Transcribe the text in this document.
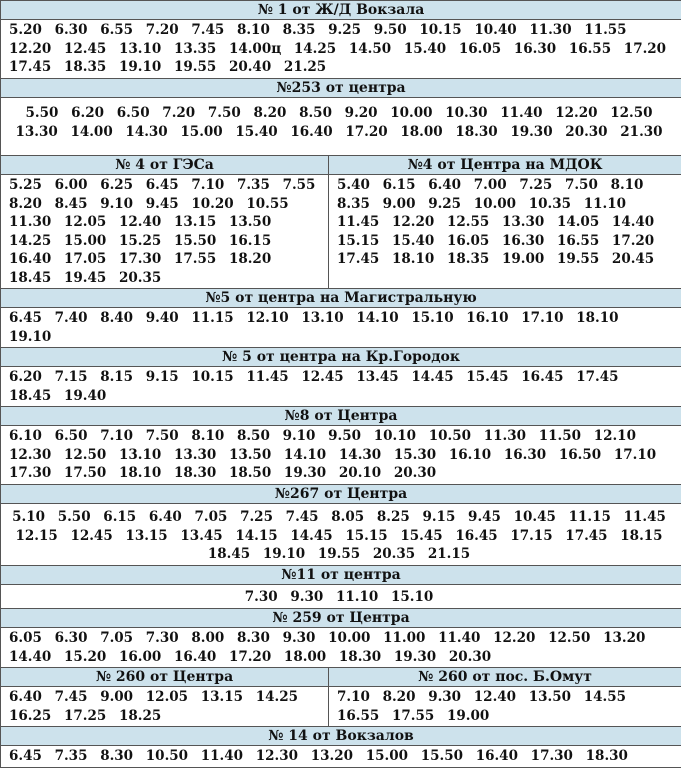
№ 1 от Ж/Д Вокзала	
5.20 6.30 6.55 7.20 7.45 8.10 8.35 9.25 9.50 10.15 10.40 11.30 11.55 12.20 12.45 13.10 13.35 14.00ц 14.25 14.50 15.40 16.05 16.30 16.55 17.20 17.45 18.35 19.10 19.55 20.40 21.25	
№253 от центра	
5.50 6.20 6.50 7.20 7.50 8.20 8.50 9.20 10.00 10.30 11.40 12.20 12.50 13.30 14.00 14.30 15.00 15.40 16.40 17.20 18.00 18.30 19.30 20.30 21.30	
№ 4 от ГЭСа	№4 от Центра на МДОК
5.25 6.00 6.25 6.45 7.10 7.35 7.55 8.20 8.45 9.10 9.45 10.20 10.55 11.30 12.05 12.40 13.15 13.50 14.25 15.00 15.25 15.50 16.15 16.40 17.05 17.30 17.55 18.20 18.45 19.45 20.35	5.40 6.15 6.40 7.00 7.25 7.50 8.10 8.35 9.00 9.25 10.00 10.35 11.10 11.45 12.20 12.55 13.30 14.05 14.40 15.15 15.40 16.05 16.30 16.55 17.20 17.45 18.10 18.35 19.00 19.55 20.45
№5 от центра на Магистральную	
6.45 7.40 8.40 9.40 11.15 12.10 13.10 14.10 15.10 16.10 17.10 18.10 19.10	
№ 5 от центра на Кр.Городок	
6.20 7.15 8.15 9.15 10.15 11.45 12.45 13.45 14.45 15.45 16.45 17.45 18.45 19.40	
№8 от Центра	
6.10 6.50 7.10 7.50 8.10 8.50 9.10 9.50 10.10 10.50 11.30 11.50 12.10 12.30 12.50 13.10 13.30 13.50 14.10 14.30 15.30 16.10 16.30 16.50 17.10 17.30 17.50 18.10 18.30 18.50 19.30 20.10 20.30	
№267 от Центра	
5.10 5.50 6.15 6.40 7.05 7.25 7.45 8.05 8.25 9.15 9.45 10.45 11.15 11.45 12.15 12.45 13.15 13.45 14.15 14.45 15.15 15.45 16.45 17.15 17.45 18.15 18.45 19.10 19.55 20.35 21.15	
№11 от центра	
7.30 9.30 11.10 15.10	
№ 259 от Центра	
6.05 6.30 7.05 7.30 8.00 8.30 9.30 10.00 11.00 11.40 12.20 12.50 13.20 14.40 15.20 16.00 16.40 17.20 18.00 18.30 19.30 20.30	
№ 260 от Центра	№ 260 от пос. Б.Омут
6.40 7.45 9.00 12.05 13.15 14.25 16.25 17.25 18.25	7.10 8.20 9.30 12.40 13.50 14.55 16.55 17.55 19.00
№ 14 от Вокзалов	
6.45 7.35 8.30 10.50 11.40 12.30 13.20 15.00 15.50 16.40 17.30 18.30	
